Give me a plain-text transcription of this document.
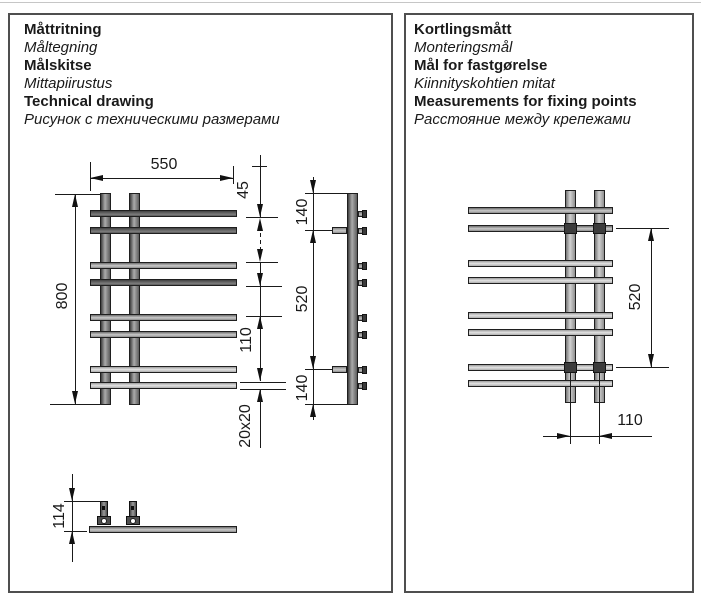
Måttritning
Måltegning
Målskitse
Mittapiirustus
Technical drawing
Рисунок с техническими размерами
550
800
45
110
20x20
140
520
140
114
Kortlingsmått
Monteringsmål
Mål for fastgørelse
Kiinnityskohtien mitat
Measurements for fixing points
Расстояние между крепежами
520
110
